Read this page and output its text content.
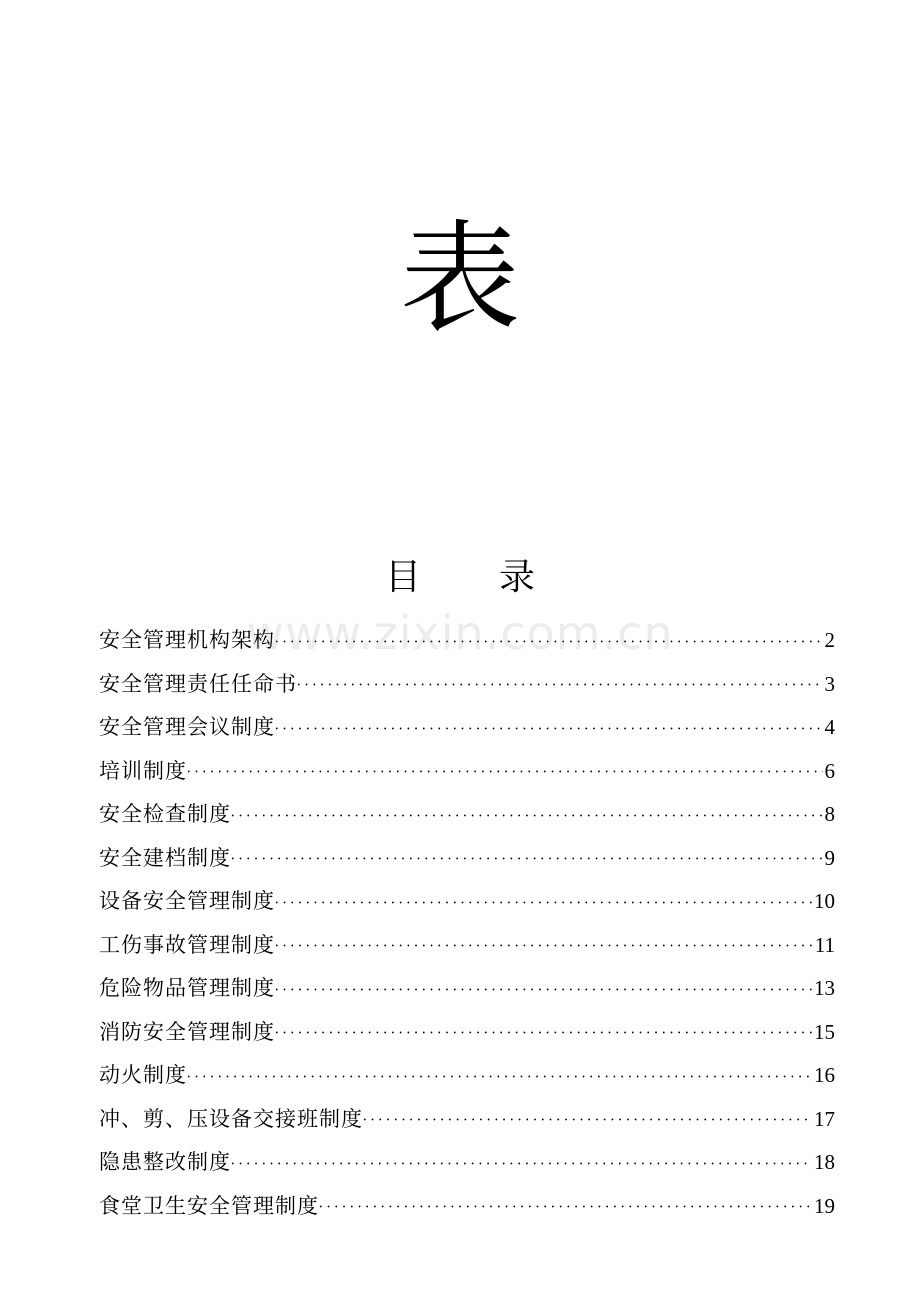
表
目 录
安全管理机构架构 •••••	2
安全管理责任任命书 •••••	3
安全管理会议制度 •••••	4
培训制度 •••••	6
安全检查制度 •••••	8
安全建档制度 •••••	9
设备安全管理制度 •••••	10
工伤事故管理制度 •••••	11
危险物品管理制度 •••••	13
消防安全管理制度 •••••	15
动火制度 •••••	16
冲、剪、压设备交接班制度 •••••	17
隐患整改制度 •••••	18
食堂卫生安全管理制度 •••••	19
www.zixin.com.cn
